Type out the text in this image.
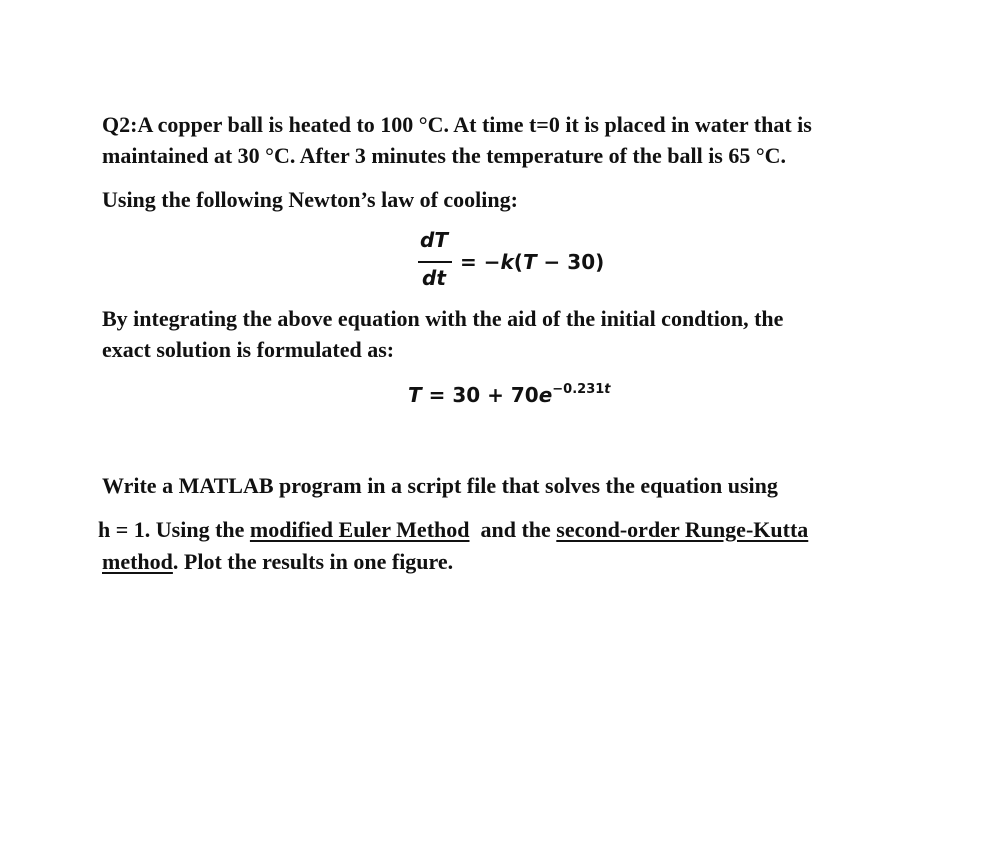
Q2:A copper ball is heated to 100 °C. At time t=0 it is placed in water that is
maintained at 30 °C. After 3 minutes the temperature of the ball is 65 °C.
Using the following Newton’s law of cooling:
dT
dt
= −k(T − 30)
By integrating the above equation with the aid of the initial condtion, the
exact solution is formulated as:
$T = 30 + 70e^{-0.231t}$
Write a MATLAB program in a script file that solves the equation using
h = 1. Using the modified Euler Method  and the second-order Runge-Kutta
method. Plot the results in one figure.
